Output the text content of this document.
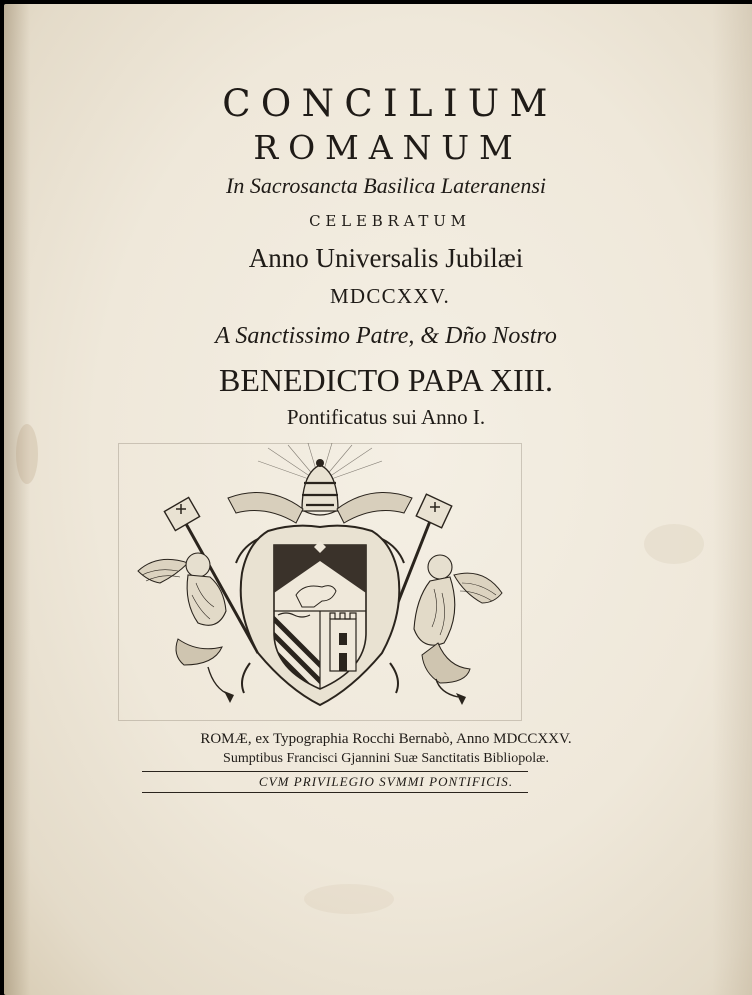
CONCILIUM
ROMANUM
In Sacrosancta Basilica Lateranensi
CELEBRATUM
Anno Universalis Jubilæi
MDCCXXV.
A Sanctissimo Patre, & Dño Nostro
BENEDICTO PAPA XIII.
Pontificatus sui Anno I.
ROMÆ, ex Typographia Rocchi Bernabò, Anno MDCCXXV.
Sumptibus Francisci Gjannini Suæ Sanctitatis Bibliopolæ.
CVM PRIVILEGIO SVMMI PONTIFICIS.
